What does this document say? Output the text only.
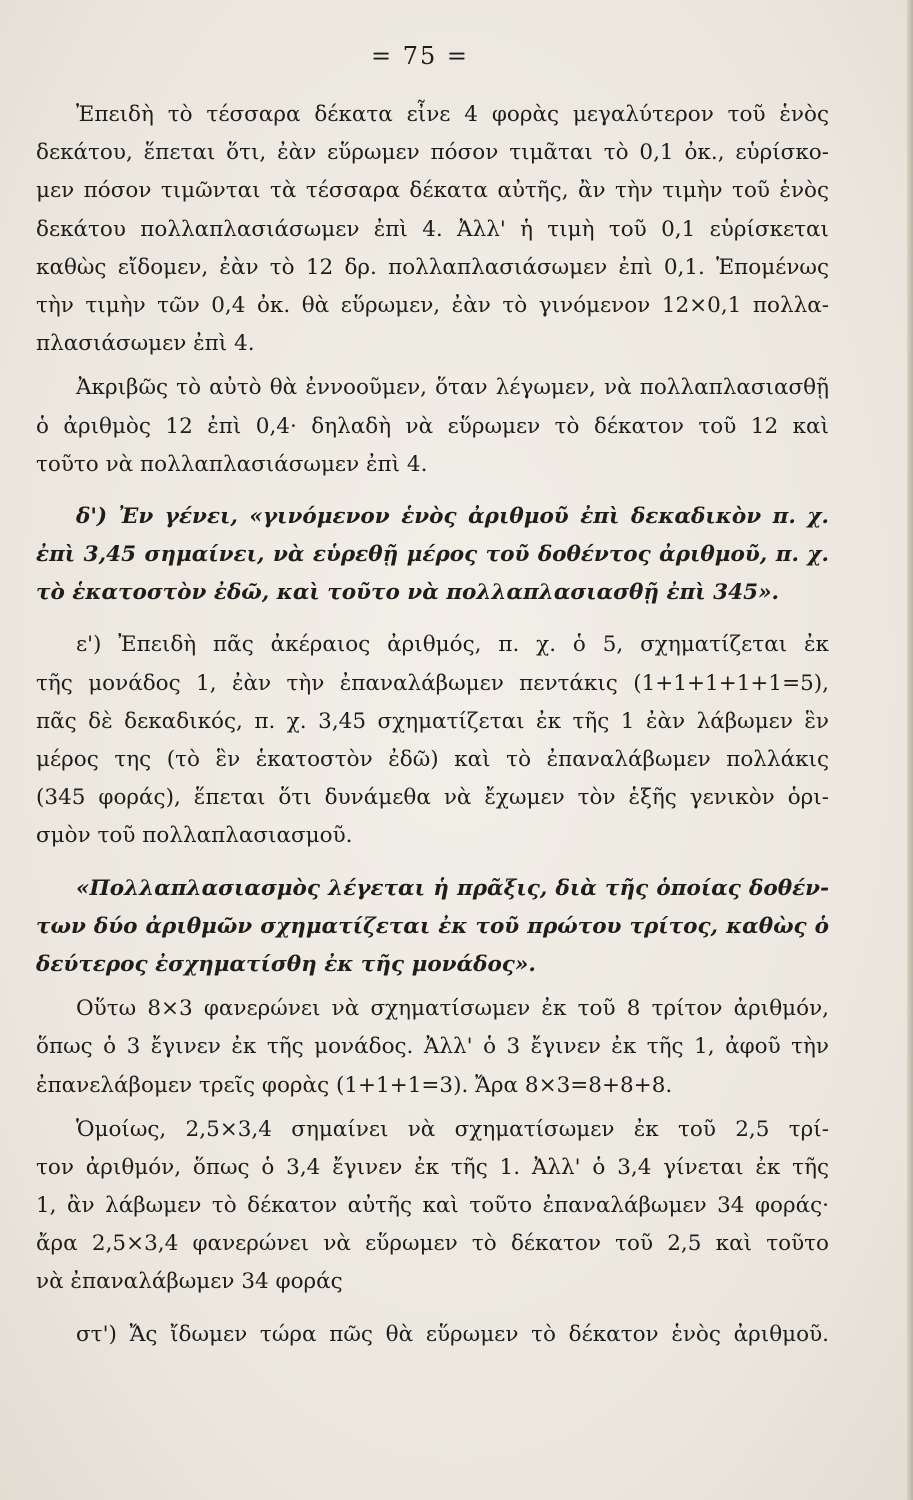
= 75 =
Ἐπειδὴ τὸ τέσσαρα δέκατα εἶνε 4 φορὰς μεγαλύτερον τοῦ ἑνὸς
δεκάτου, ἕπεται ὅτι, ἐὰν εὕρωμεν πόσον τιμᾶται τὸ 0,1 ὀκ., εὑρίσκο-
μεν πόσον τιμῶνται τὰ τέσσαρα δέκατα αὐτῆς, ἂν τὴν τιμὴν τοῦ ἑνὸς
δεκάτου πολλαπλασιάσωμεν ἐπὶ 4. Ἀλλ' ἡ τιμὴ τοῦ 0,1 εὑρίσκεται
καθὼς εἴδομεν, ἐὰν τὸ 12 δρ. πολλαπλασιάσωμεν ἐπὶ 0,1. Ἑπομένως
τὴν τιμὴν τῶν 0,4 ὀκ. θὰ εὕρωμεν, ἐὰν τὸ γινόμενον 12×0,1 πολλα-
πλασιάσωμεν ἐπὶ 4.
Ἀκριβῶς τὸ αὐτὸ θὰ ἐννοοῦμεν, ὅταν λέγωμεν, νὰ πολλαπλασιασθῇ
ὁ ἀριθμὸς 12 ἐπὶ 0,4· δηλαδὴ νὰ εὕρωμεν τὸ δέκατον τοῦ 12 καὶ
τοῦτο νὰ πολλαπλασιάσωμεν ἐπὶ 4.
δ') Ἐν γένει, «γινόμενον ἑνὸς ἀριθμοῦ ἐπὶ δεκαδικὸν π. χ.
ἐπὶ 3,45 σημαίνει, νὰ εὑρεθῇ μέρος τοῦ δοθέντος ἀριθμοῦ, π. χ.
τὸ ἑκατοστὸν ἐδῶ, καὶ τοῦτο νὰ πολλαπλασιασθῇ ἐπὶ 345».
ε') Ἐπειδὴ πᾶς ἀκέραιος ἀριθμός, π. χ. ὁ 5, σχηματίζεται ἐκ
τῆς μονάδος 1, ἐὰν τὴν ἐπαναλάβωμεν πεντάκις (1+1+1+1+1=5),
πᾶς δὲ δεκαδικός, π. χ. 3,45 σχηματίζεται ἐκ τῆς 1 ἐὰν λάβωμεν ἓν
μέρος της (τὸ ἓν ἑκατοστὸν ἐδῶ) καὶ τὸ ἐπαναλάβωμεν πολλάκις
(345 φοράς), ἕπεται ὅτι δυνάμεθα νὰ ἔχωμεν τὸν ἑξῆς γενικὸν ὁρι-
σμὸν τοῦ πολλαπλασιασμοῦ.
«Πολλαπλασιασμὸς λέγεται ἡ πρᾶξις, διὰ τῆς ὁποίας δοθέν-
των δύο ἀριθμῶν σχηματίζεται ἐκ τοῦ πρώτου τρίτος, καθὼς ὁ
δεύτερος ἐσχηματίσθη ἐκ τῆς μονάδος».
Οὕτω 8×3 φανερώνει νὰ σχηματίσωμεν ἐκ τοῦ 8 τρίτον ἀριθμόν,
ὅπως ὁ 3 ἔγινεν ἐκ τῆς μονάδος. Ἀλλ' ὁ 3 ἔγινεν ἐκ τῆς 1, ἀφοῦ τὴν
ἐπανελάβομεν τρεῖς φορὰς (1+1+1=3). Ἄρα 8×3=8+8+8.
Ὁμοίως, 2,5×3,4 σημαίνει νὰ σχηματίσωμεν ἐκ τοῦ 2,5 τρί-
τον ἀριθμόν, ὅπως ὁ 3,4 ἔγινεν ἐκ τῆς 1. Ἀλλ' ὁ 3,4 γίνεται ἐκ τῆς
1, ἂν λάβωμεν τὸ δέκατον αὐτῆς καὶ τοῦτο ἐπαναλάβωμεν 34 φοράς·
ἄρα 2,5×3,4 φανερώνει νὰ εὕρωμεν τὸ δέκατον τοῦ 2,5 καὶ τοῦτο
νὰ ἐπαναλάβωμεν 34 φοράς
στ') Ἄς ἴδωμεν τώρα πῶς θὰ εὕρωμεν τὸ δέκατον ἑνὸς ἀριθμοῦ.
